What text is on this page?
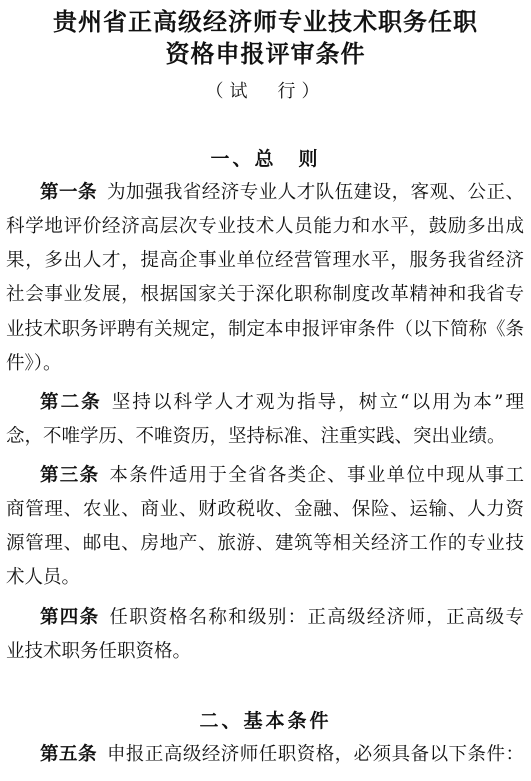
贵州省正高级经济师专业技术职务任职
资格申报评审条件
（试　行）
一、总　则
第一条 为加强我省经济专业人才队伍建设，客观、公正、
科学地评价经济高层次专业技术人员能力和水平，鼓励多出成
果，多出人才，提高企事业单位经营管理水平，服务我省经济
社会事业发展，根据国家关于深化职称制度改革精神和我省专
业技术职务评聘有关规定，制定本申报评审条件（以下简称《条
件》）。
第二条 坚持以科学人才观为指导，树立“以用为本”理
念，不唯学历、不唯资历，坚持标准、注重实践、突出业绩。
第三条 本条件适用于全省各类企、事业单位中现从事工
商管理、农业、商业、财政税收、金融、保险、运输、人力资
源管理、邮电、房地产、旅游、建筑等相关经济工作的专业技
术人员。
第四条 任职资格名称和级别：正高级经济师，正高级专
业技术职务任职资格。
二、基本条件
第五条 申报正高级经济师任职资格，必须具备以下条件：
